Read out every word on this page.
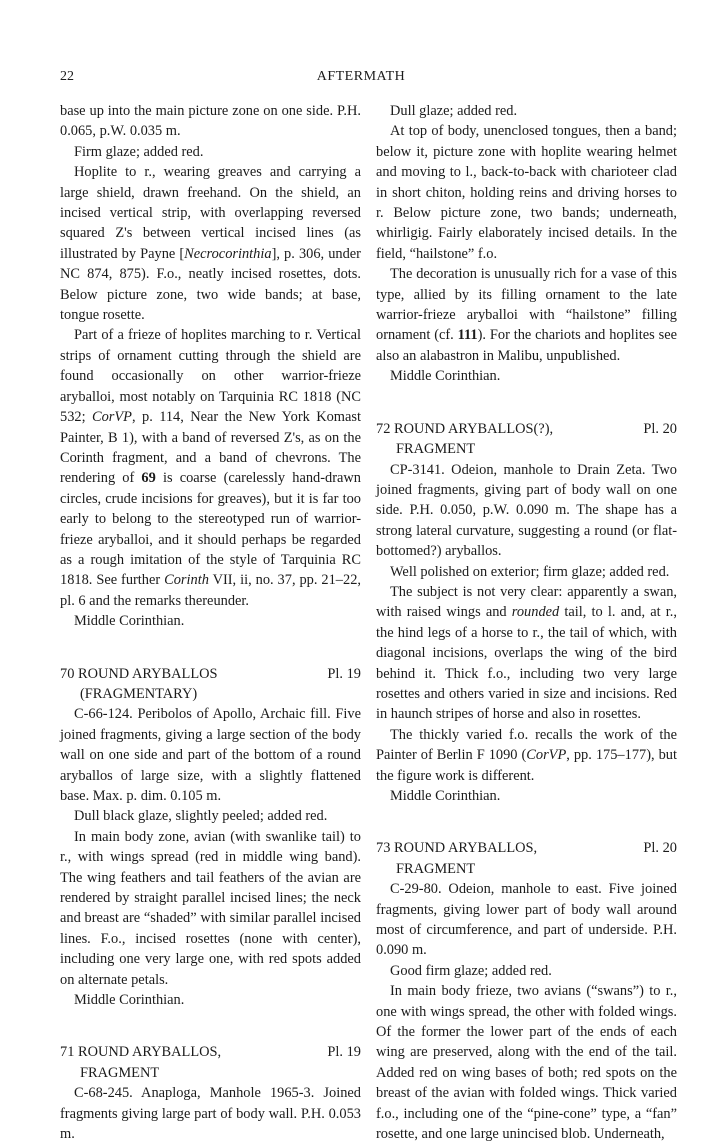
22	AFTERMATH

base up into the main picture zone on one side. P.H. 0.065, p.W. 0.035 m.

Firm glaze; added red.

Hoplite to r., wearing greaves and carrying a large shield, drawn freehand. On the shield, an incised vertical strip, with overlapping reversed squared Z's between vertical incised lines (as illustrated by Payne [Necrocorinthia], p. 306, under NC 874, 875). F.o., neatly incised rosettes, dots. Below picture zone, two wide bands; at base, tongue rosette.

Part of a frieze of hoplites marching to r. Vertical strips of ornament cutting through the shield are found occasionally on other warrior-frieze aryballoi, most notably on Tarquinia RC 1818 (NC 532; CorVP, p. 114, Near the New York Komast Painter, B 1), with a band of reversed Z's, as on the Corinth fragment, and a band of chevrons. The rendering of 69 is coarse (carelessly hand-drawn circles, crude incisions for greaves), but it is far too early to belong to the stereotyped run of warrior-frieze aryballoi, and it should perhaps be regarded as a rough imitation of the style of Tarquinia RC 1818. See further Corinth VII, ii, no. 37, pp. 21–22, pl. 6 and the remarks thereunder.

Middle Corinthian.

70 ROUND ARYBALLOS	Pl. 19
(FRAGMENTARY)

C-66-124. Peribolos of Apollo, Archaic fill. Five joined fragments, giving a large section of the body wall on one side and part of the bottom of a round aryballos of large size, with a slightly flattened base. Max. p. dim. 0.105 m.

Dull black glaze, slightly peeled; added red.

In main body zone, avian (with swanlike tail) to r., with wings spread (red in middle wing band). The wing feathers and tail feathers of the avian are rendered by straight parallel incised lines; the neck and breast are “shaded” with similar parallel incised lines. F.o., incised rosettes (none with center), including one very large one, with red spots added on alternate petals.

Middle Corinthian.

71 ROUND ARYBALLOS,	Pl. 19
FRAGMENT

C-68-245. Anaploga, Manhole 1965-3. Joined fragments giving large part of body wall. P.H. 0.053 m.

Dull glaze; added red.

At top of body, unenclosed tongues, then a band; below it, picture zone with hoplite wearing helmet and moving to l., back-to-back with charioteer clad in short chiton, holding reins and driving horses to r. Below picture zone, two bands; underneath, whirligig. Fairly elaborately incised details. In the field, “hailstone” f.o.

The decoration is unusually rich for a vase of this type, allied by its filling ornament to the late warrior-frieze aryballoi with “hailstone” filling ornament (cf. 111). For the chariots and hoplites see also an alabastron in Malibu, unpublished.

Middle Corinthian.

72 ROUND ARYBALLOS(?),	Pl. 20
FRAGMENT

CP-3141. Odeion, manhole to Drain Zeta. Two joined fragments, giving part of body wall on one side. P.H. 0.050, p.W. 0.090 m. The shape has a strong lateral curvature, suggesting a round (or flat-bottomed?) aryballos.

Well polished on exterior; firm glaze; added red.

The subject is not very clear: apparently a swan, with raised wings and rounded tail, to l. and, at r., the hind legs of a horse to r., the tail of which, with diagonal incisions, overlaps the wing of the bird behind it. Thick f.o., including two very large rosettes and others varied in size and incisions. Red in haunch stripes of horse and also in rosettes.

The thickly varied f.o. recalls the work of the Painter of Berlin F 1090 (CorVP, pp. 175–177), but the figure work is different.

Middle Corinthian.

73 ROUND ARYBALLOS,	Pl. 20
FRAGMENT

C-29-80. Odeion, manhole to east. Five joined fragments, giving lower part of body wall around most of circumference, and part of underside. P.H. 0.090 m.

Good firm glaze; added red.

In main body frieze, two avians (“swans”) to r., one with wings spread, the other with folded wings. Of the former the lower part of the ends of each wing are preserved, along with the end of the tail. Added red on wing bases of both; red spots on the breast of the avian with folded wings. Thick varied f.o., including one of the “pine-cone” type, a “fan” rosette, and one large unincised blob. Underneath,
